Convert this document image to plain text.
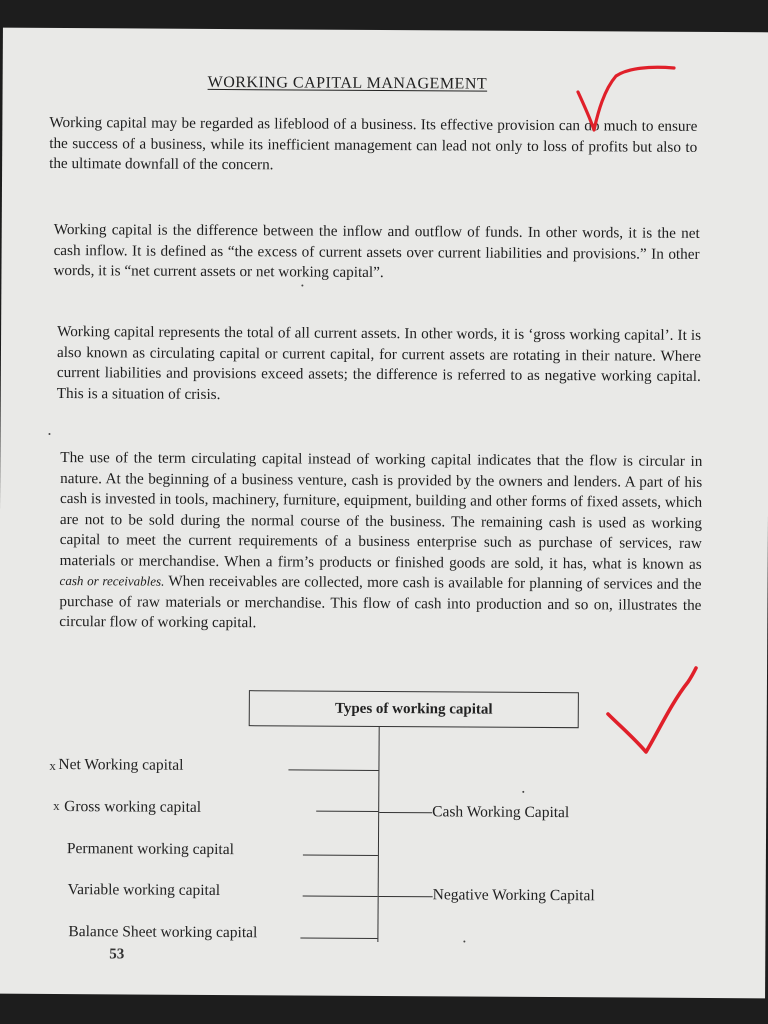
WORKING CAPITAL MANAGEMENT

Working capital may be regarded as lifeblood of a business. Its effective provision can do much to ensure the success of a business, while its inefficient management can lead not only to loss of profits but also to the ultimate downfall of the concern.

Working capital is the difference between the inflow and outflow of funds. In other words, it is the net cash inflow. It is defined as “the excess of current assets over current liabilities and provisions.” In other words, it is “net current assets or net working capital”.

Working capital represents the total of all current assets. In other words, it is ‘gross working capital’. It is also known as circulating capital or current capital, for current assets are rotating in their nature. Where current liabilities and provisions exceed assets; the difference is referred to as negative working capital. This is a situation of crisis.

The use of the term circulating capital instead of working capital indicates that the flow is circular in nature. At the beginning of a business venture, cash is provided by the owners and lenders. A part of his cash is invested in tools, machinery, furniture, equipment, building and other forms of fixed assets, which are not to be sold during the normal course of the business. The remaining cash is used as working capital to meet the current requirements of a business enterprise such as purchase of services, raw materials or merchandise. When a firm’s products or finished goods are sold, it has, what is known as cash or receivables. When receivables are collected, more cash is available for planning of services and the purchase of raw materials or merchandise. This flow of cash into production and so on, illustrates the circular flow of working capital.

Types of working capital
x Net Working capital
x Gross working capital	Cash Working Capital
Permanent working capital
Variable working capital	Negative Working Capital
Balance Sheet working capital
53
